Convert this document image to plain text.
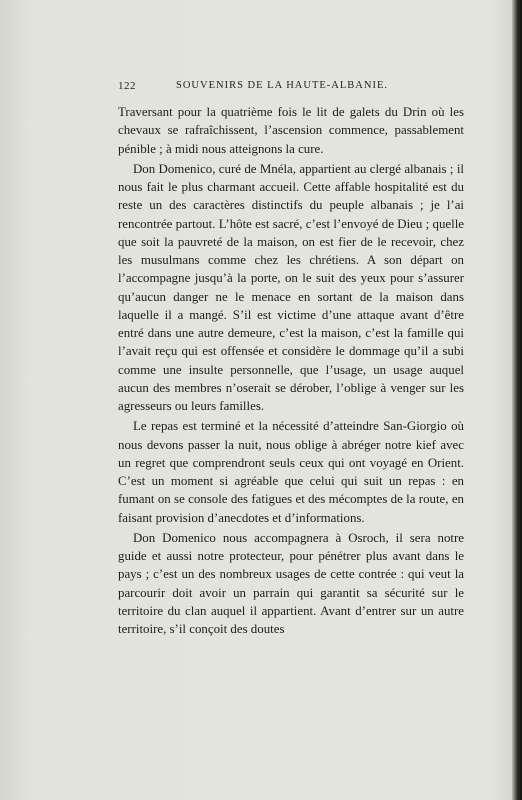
122	SOUVENIRS DE LA HAUTE-ALBANIE.

Traversant pour la quatrième fois le lit de galets du Drin où les chevaux se rafraîchissent, l’ascension commence, passablement pénible ; à midi nous atteignons la cure.

Don Domenico, curé de Mnéla, appartient au clergé albanais ; il nous fait le plus charmant accueil. Cette affable hospitalité est du reste un des caractères distinctifs du peuple albanais ; je l’ai rencontrée partout. L’hôte est sacré, c’est l’envoyé de Dieu ; quelle que soit la pauvreté de la maison, on est fier de le recevoir, chez les musulmans comme chez les chrétiens. A son départ on l’accompagne jusqu’à la porte, on le suit des yeux pour s’assurer qu’aucun danger ne le menace en sortant de la maison dans laquelle il a mangé. S’il est victime d’une attaque avant d’être entré dans une autre demeure, c’est la maison, c’est la famille qui l’avait reçu qui est offensée et considère le dommage qu’il a subi comme une insulte personnelle, que l’usage, un usage auquel aucun des membres n’oserait se dérober, l’oblige à venger sur les agresseurs ou leurs familles.

Le repas est terminé et la nécessité d’atteindre San-Giorgio où nous devons passer la nuit, nous oblige à abréger notre kief avec un regret que comprendront seuls ceux qui ont voyagé en Orient. C’est un moment si agréable que celui qui suit un repas : en fumant on se console des fatigues et des mécomptes de la route, en faisant provision d’anecdotes et d’informations.

Don Domenico nous accompagnera à Osroch, il sera notre guide et aussi notre protecteur, pour pénétrer plus avant dans le pays ; c’est un des nombreux usages de cette contrée : qui veut la parcourir doit avoir un parrain qui garantit sa sécurité sur le territoire du clan auquel il appartient. Avant d’entrer sur un autre territoire, s’il conçoit des doutes
